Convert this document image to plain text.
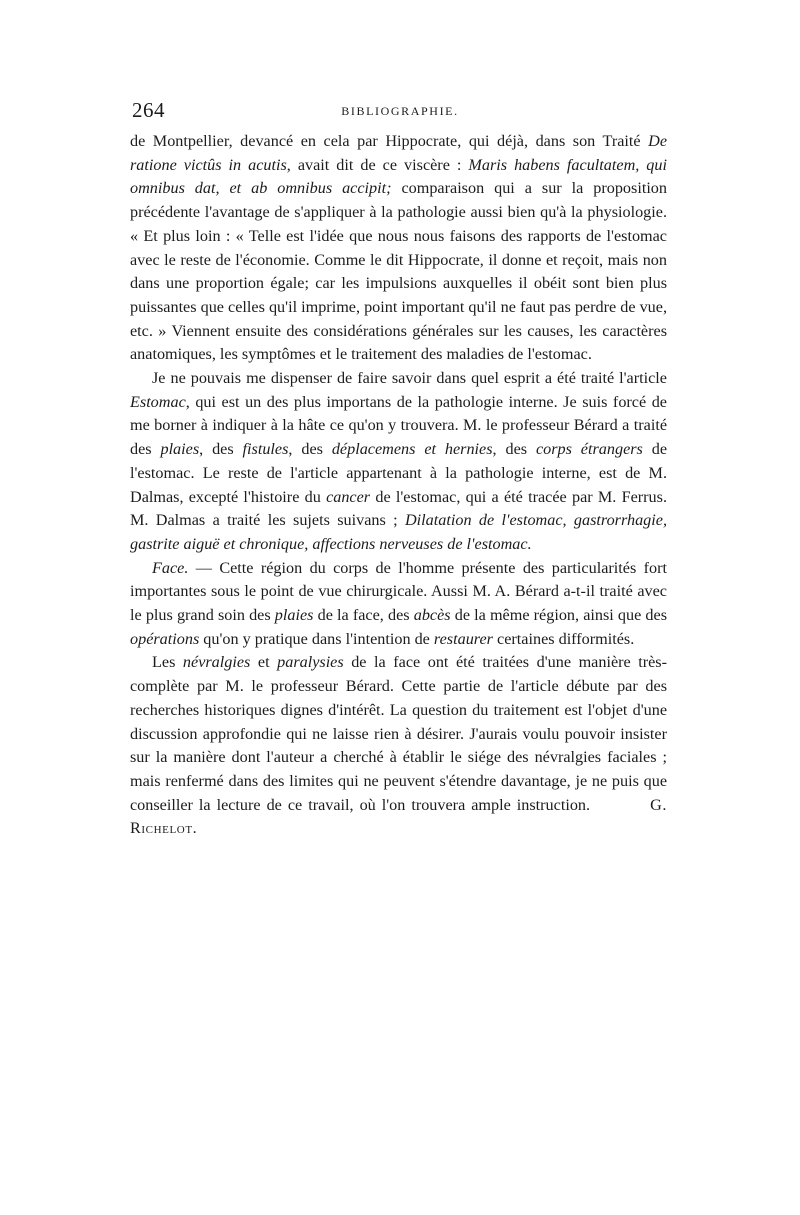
264	BIBLIOGRAPHIE.

de Montpellier, devancé en cela par Hippocrate, qui déjà, dans son Traité De ratione victûs in acutis, avait dit de ce viscère : Maris habens facultatem, qui omnibus dat, et ab omnibus accipit; comparaison qui a sur la proposition précédente l'avantage de s'appliquer à la pathologie aussi bien qu'à la physiologie. « Et plus loin : « Telle est l'idée que nous nous faisons des rapports de l'estomac avec le reste de l'économie. Comme le dit Hippocrate, il donne et reçoit, mais non dans une proportion égale; car les impulsions auxquelles il obéit sont bien plus puissantes que celles qu'il imprime, point important qu'il ne faut pas perdre de vue, etc. » Viennent ensuite des considérations générales sur les causes, les caractères anatomiques, les symptômes et le traitement des maladies de l'estomac.

Je ne pouvais me dispenser de faire savoir dans quel esprit a été traité l'article Estomac, qui est un des plus importans de la pathologie interne. Je suis forcé de me borner à indiquer à la hâte ce qu'on y trouvera. M. le professeur Bérard a traité des plaies, des fistules, des déplacemens et hernies, des corps étrangers de l'estomac. Le reste de l'article appartenant à la pathologie interne, est de M. Dalmas, excepté l'histoire du cancer de l'estomac, qui a été tracée par M. Ferrus. M. Dalmas a traité les sujets suivans ; Dilatation de l'estomac, gastrorrhagie, gastrite aiguë et chronique, affections nerveuses de l'estomac.

Face. — Cette région du corps de l'homme présente des particularités fort importantes sous le point de vue chirurgicale. Aussi M. A. Bérard a-t-il traité avec le plus grand soin des plaies de la face, des abcès de la même région, ainsi que des opérations qu'on y pratique dans l'intention de restaurer certaines difformités.

Les névralgies et paralysies de la face ont été traitées d'une manière très-complète par M. le professeur Bérard. Cette partie de l'article débute par des recherches historiques dignes d'intérêt. La question du traitement est l'objet d'une discussion approfondie qui ne laisse rien à désirer. J'aurais voulu pouvoir insister sur la manière dont l'auteur a cherché à établir le siége des névralgies faciales ; mais renfermé dans des limites qui ne peuvent s'étendre davantage, je ne puis que conseiller la lecture de ce travail, où l'on trouvera ample instruction.	G. Richelot.
